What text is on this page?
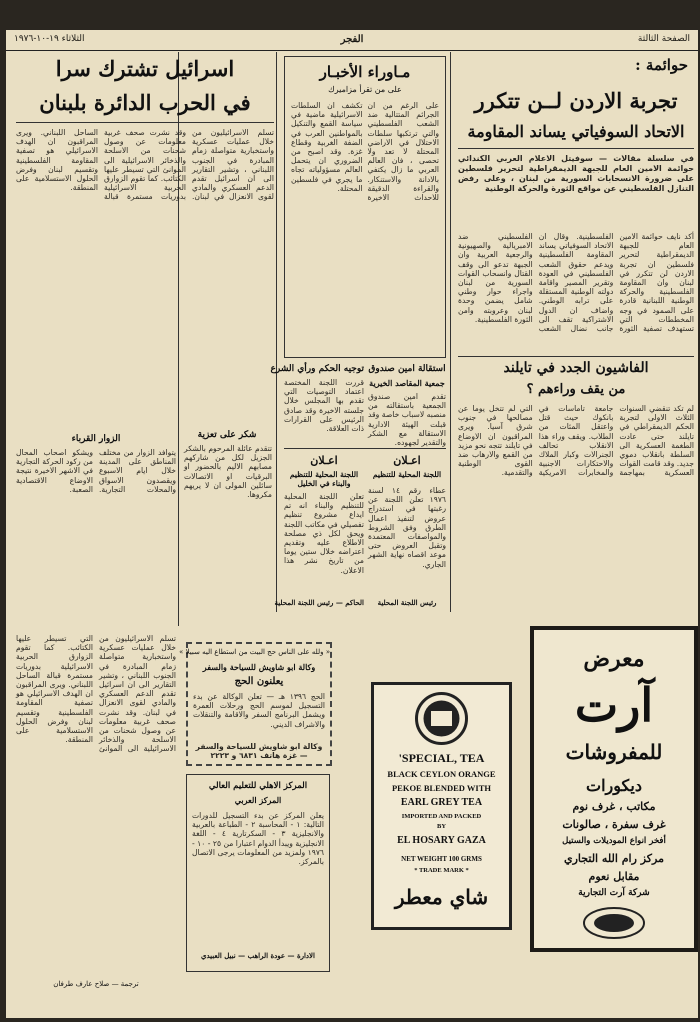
الصفحة الثالثة
الفجر
الثلاثاء ١٩-١٠-١٩٧٦
حوائمة :
تجربة الاردن لــن تتكرر
الاتحاد السوفياتي يساند المقاومة
في سلسلة مقالات — سوفيتل الاعلام العربي الكندائي حوائمة الامين العام للجبهة الديمقراطية لتحرير فلسطين على ضرورة الانسحابات السورية من لبنان ، وعلى رفض التنازل الفلسطيني عن مواقع الثورة والحركة الوطنية
أكد نايف حوائمة الامين العام للجبهة الديمقراطية لتحرير فلسطين ان تجربة الاردن لن تتكرر في لبنان وان المقاومة الفلسطينية والحركة الوطنية اللبنانية قادرة على الصمود في وجه المخططات التي تستهدف تصفية الثورة الفلسطينية. وقال ان الاتحاد السوفياتي يساند المقاومة الفلسطينية ويدعم حقوق الشعب الفلسطيني في العودة وتقرير المصير واقامة دولته الوطنية المستقلة على ترابه الوطني. واضاف ان الدول الاشتراكية تقف الى جانب نضال الشعب الفلسطيني ضد الامبريالية والصهيونية والرجعية العربية وان الجبهة تدعو الى وقف القتال وانسحاب القوات السورية من لبنان واجراء حوار وطني شامل يضمن وحدة لبنان وعروبته وامن الثورة الفلسطينية.
الفاشيون الجدد في تايلند
من يقف وراءهم ؟
لم تكد تنقضي السنوات الثلاث الاولى لتجربة الحكم الديمقراطي في تايلند حتى عادت الطغمة العسكرية الى السلطة بانقلاب دموي جديد. وقد قامت القوات العسكرية بمهاجمة جامعة تاماسات في بانكوك حيث قتل واعتقل المئات من الطلاب. ويقف وراء هذا الانقلاب تحالف الجنرالات وكبار الملاك والاحتكارات الاجنبية والمخابرات الامريكية التي لم تتخل يوما عن مصالحها في جنوب شرق آسيا. ويرى المراقبون ان الاوضاع في تايلند تتجه نحو مزيد من القمع والارهاب ضد القوى الوطنية والتقدمية.
مـاوراء الأخبـار
على من تقرأ مزاميرك
على الرغم من ان الجرائم المتتالية ضد الشعب الفلسطيني والتي ترتكبها سلطات الاحتلال في الاراضي المحتلة لا تعد ولا تحصى ، فان العالم العربي ما زال يكتفي بالادانة والاستنكار. والقراءة الدقيقة للاحداث الاخيرة تكشف ان السلطات الاسرائيلية ماضية في سياسة القمع والتنكيل بالمواطنين العرب في الضفة الغربية وقطاع غزة. وقد اصبح من الضروري ان يتحمل العالم مسؤولياته تجاه ما يجري في فلسطين المحتلة.
توجيه الحكم ورأي الشرع
قررت اللجنة المختصة اعتماد التوصيات التي تقدم بها المجلس خلال جلسته الاخيرة وقد صادق الرئيس على القرارات ذات العلاقة.
استقالة امين صندوق
جمعية المقاصد الخيرية
تقدم امين صندوق الجمعية باستقالته من منصبه لاسباب خاصة وقد قبلت الهيئة الادارية الاستقالة مع الشكر والتقدير لجهوده.
اعـلان
اللجنة المحلية للتنظيم والبناء في الخليل
تعلن اللجنة المحلية للتنظيم والبناء انه تم ايداع مشروع تنظيم تفصيلي في مكاتب اللجنة ويحق لكل ذي مصلحة الاطلاع عليه وتقديم اعتراضه خلال ستين يوما من تاريخ نشر هذا الاعلان.
الحاكم — رئيس اللجنة المحلية
اعـلان
اللجنة المحلية للتنظيم
عطاء رقم ١٤ لسنة ١٩٧٦ تعلن اللجنة عن رغبتها في استدراج عروض لتنفيذ اعمال الطرق وفق الشروط والمواصفات المعتمدة وتقبل العروض حتى موعد اقصاه نهاية الشهر الجاري.
رئيس اللجنة المحلية
شكر على تعزية
تتقدم عائلة المرحوم بالشكر الجزيل لكل من شاركهم مصابهم الاليم بالحضور او البرقيات او الاتصالات سائلين المولى ان لا يريهم مكروها.
اسرائيل تشترك سرا
في الحرب الدائرة بلبنان
تسلم الاسرائيليون من خلال عمليات عسكرية واستخبارية متواصلة زمام المبادرة في الجنوب اللبناني ، وتشير التقارير الى ان اسرائيل تقدم الدعم العسكري والمادي لقوى الانعزال في لبنان. وقد نشرت صحف غربية معلومات عن وصول شحنات من الاسلحة والذخائر الاسرائيلية الى الموانئ التي تسيطر عليها الكتائب. كما تقوم الزوارق الحربية الاسرائيلية بدوريات مستمرة قبالة الساحل اللبناني. ويرى المراقبون ان الهدف الاسرائيلي هو تصفية المقاومة الفلسطينية وتقسيم لبنان وفرض الحلول الاستسلامية على المنطقة.
الزوار القرباء
يتوافد الزوار من مختلف المناطق على المدينة خلال ايام الاسبوع ويقصدون الاسواق والمحلات التجارية. ويشكو اصحاب المحال من ركود الحركة التجارية في الاشهر الاخيرة نتيجة الاوضاع الاقتصادية الصعبة.
تسلم الاسرائيليون من خلال عمليات عسكرية واستخبارية متواصلة زمام المبادرة في الجنوب اللبناني ، وتشير التقارير الى ان اسرائيل تقدم الدعم العسكري والمادي لقوى الانعزال في لبنان. وقد نشرت صحف غربية معلومات عن وصول شحنات من الاسلحة والذخائر الاسرائيلية الى الموانئ التي تسيطر عليها الكتائب. كما تقوم الزوارق الحربية الاسرائيلية بدوريات مستمرة قبالة الساحل اللبناني. ويرى المراقبون ان الهدف الاسرائيلي هو تصفية المقاومة الفلسطينية وتقسيم لبنان وفرض الحلول الاستسلامية على المنطقة.
ترجمة — صلاح عارف طرفان
« ولله على الناس حج البيت من استطاع اليه سبيلا »
وكالة ابو شاويش للسياحة والسفر
يعلنون الحج
الحج ١٣٩٦ هـ — تعلن الوكالة عن بدء التسجيل لموسم الحج ورحلات العمرة ويشمل البرنامج السفر والاقامة والتنقلات والاشراف الديني.
وكالة ابو شاويش للسياحة والسفر — غزة هاتف ٦٨٣١ و ٢٢٢٣
المركز الاهلي للتعليم العالي
المركز العربي
يعلن المركز عن بدء التسجيل للدورات التالية: ١ - المحاسبة ٢ - الطباعة بالعربية والانجليزية ٣ - السكرتارية ٤ - اللغة الانجليزية ويبدأ الدوام اعتبارا من ٢٥ - ١٠ - ١٩٧٦ ولمزيد من المعلومات يرجى الاتصال بالمركز.
الادارة — عودة الراهب — نبيل العبيدي
'SPECIAL, TEA
BLACK CEYLON ORANGE
PEKOE BLENDED WITH
EARL GREY TEA
IMPORTED AND PACKED
BY
EL HOSARY GAZA
NET WEIGHT 100 GRMS
* TRADE MARK *
شاي معطر
معرض
آرت
للمفروشات
ديكورات
مكاتب ، غرف نوم
غرف سفرة ، صالونات
أفخر انواع الموديلات والستيل
مركز رام الله التجاري
مقابل نعوم
شركة آرت التجارية
